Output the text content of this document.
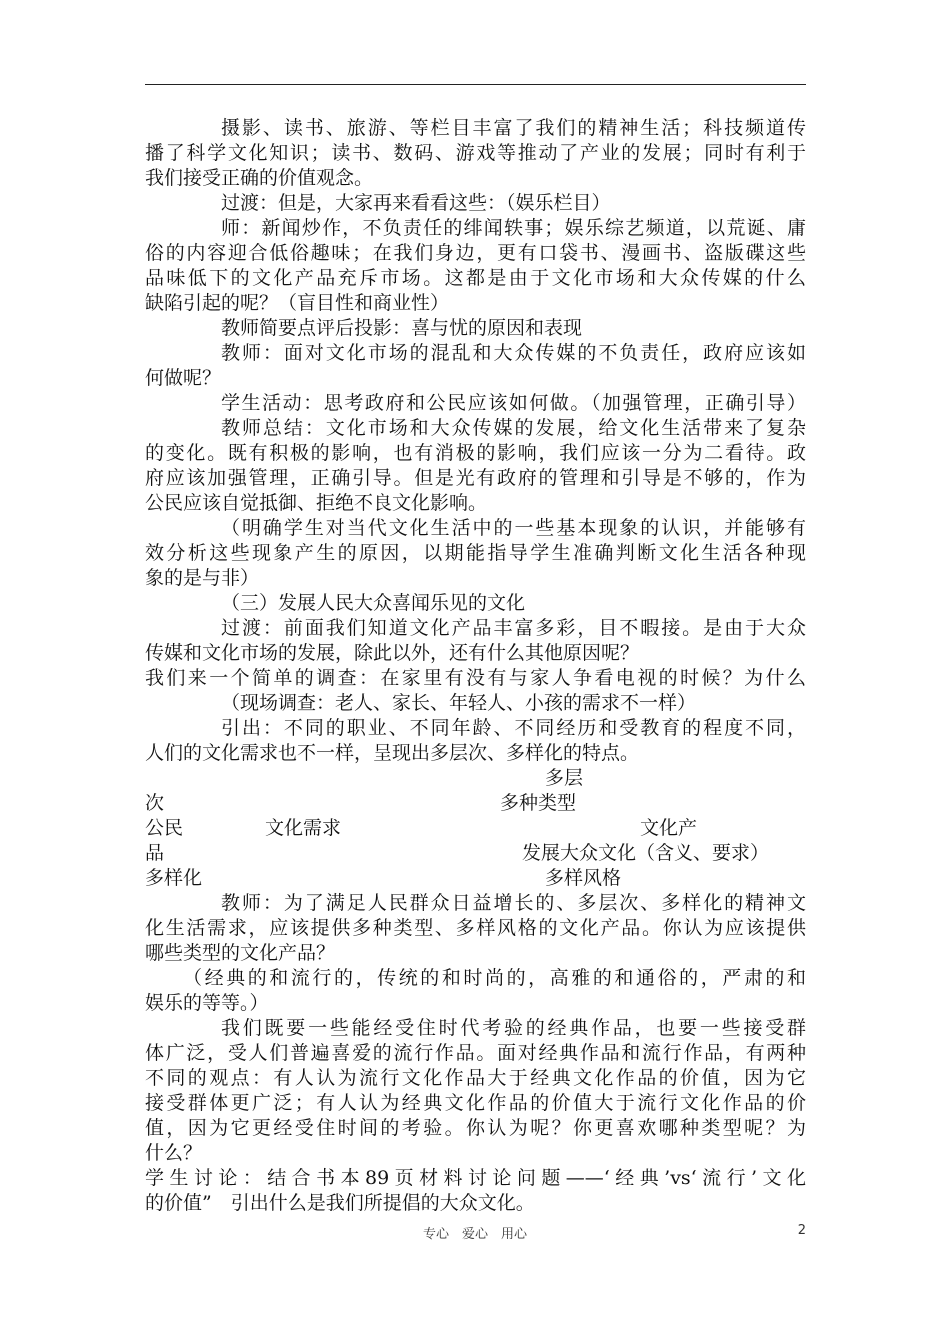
摄影、读书、旅游、等栏目丰富了我们的精神生活；科技频道传
播了科学文化知识；读书、数码、游戏等推动了产业的发展；同时有利于
我们接受正确的价值观念。
过渡：但是，大家再来看看这些：（娱乐栏目）
师：新闻炒作，不负责任的绯闻轶事；娱乐综艺频道，以荒诞、庸
俗的内容迎合低俗趣味；在我们身边，更有口袋书、漫画书、盗版碟这些
品味低下的文化产品充斥市场。这都是由于文化市场和大众传媒的什么
缺陷引起的呢？（盲目性和商业性）
教师简要点评后投影：喜与忧的原因和表现
教师：面对文化市场的混乱和大众传媒的不负责任，政府应该如
何做呢？
学生活动：思考政府和公民应该如何做。（加强管理，正确引导）
教师总结：文化市场和大众传媒的发展，给文化生活带来了复杂
的变化。既有积极的影响，也有消极的影响，我们应该一分为二看待。政
府应该加强管理，正确引导。但是光有政府的管理和引导是不够的，作为
公民应该自觉抵御、拒绝不良文化影响。
（明确学生对当代文化生活中的一些基本现象的认识，并能够有
效分析这些现象产生的原因，以期能指导学生准确判断文化生活各种现
象的是与非）
（三）发展人民大众喜闻乐见的文化
过渡：前面我们知道文化产品丰富多彩，目不暇接。是由于大众
传媒和文化市场的发展，除此以外，还有什么其他原因呢？
我们来一个简单的调查：在家里有没有与家人争看电视的时候？为什么
（现场调查：老人、家长、年轻人、小孩的需求不一样）
引出：不同的职业、不同年龄、不同经历和受教育的程度不同，
人们的文化需求也不一样，呈现出多层次、多样化的特点。
多层
次	多种类型
公民	文化需求	文化产
品	发展大众文化（含义、要求）
多样化	多样风格
教师：为了满足人民群众日益增长的、多层次、多样化的精神文
化生活需求，应该提供多种类型、多样风格的文化产品。你认为应该提供
哪些类型的文化产品？
（经典的和流行的，传统的和时尚的，高雅的和通俗的，严肃的和
娱乐的等等。）
我们既要一些能经受住时代考验的经典作品，也要一些接受群
体广泛，受人们普遍喜爱的流行作品。面对经典作品和流行作品，有两种
不同的观点：有人认为流行文化作品大于经典文化作品的价值，因为它
接受群体更广泛；有人认为经典文化作品的价值大于流行文化作品的价
值，因为它更经受住时间的考验。你认为呢？你更喜欢哪种类型呢？为
什么？
学生讨论：结合书本89页材料讨论问题——‘经典’vs‘流行’文化
的价值”　引出什么是我们所提倡的大众文化。
专心　爱心　用心	2
